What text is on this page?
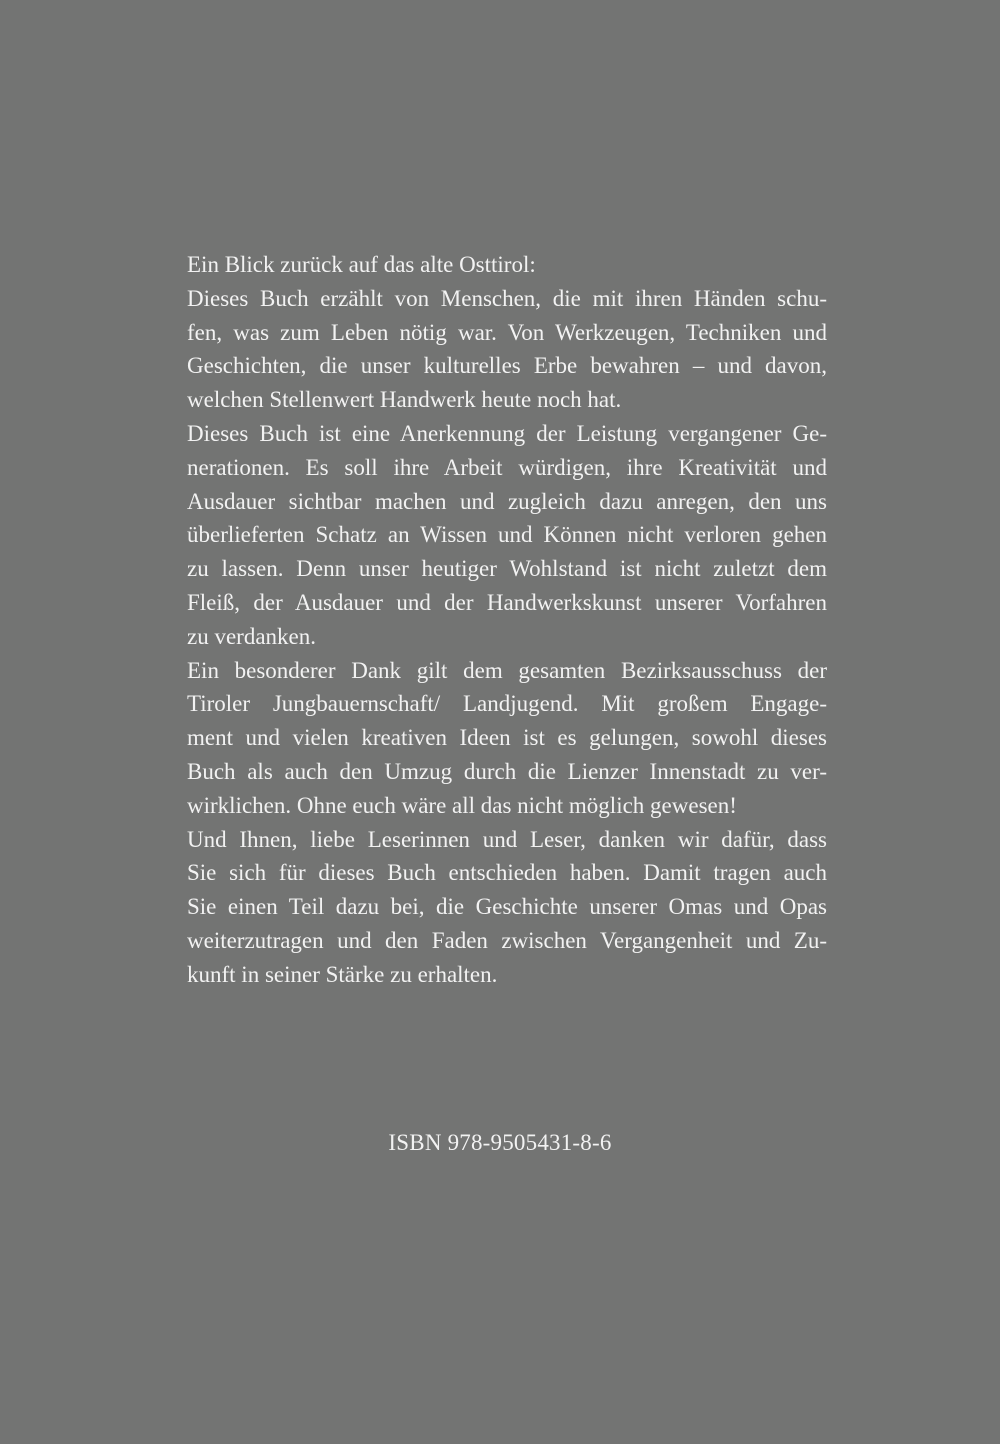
Ein Blick zurück auf das alte Osttirol:
Dieses Buch erzählt von Menschen, die mit ihren Händen schu-
fen, was zum Leben nötig war. Von Werkzeugen, Techniken und
Geschichten, die unser kulturelles Erbe bewahren – und davon,
welchen Stellenwert Handwerk heute noch hat.
Dieses Buch ist eine Anerkennung der Leistung vergangener Ge-
nerationen. Es soll ihre Arbeit würdigen, ihre Kreativität und
Ausdauer sichtbar machen und zugleich dazu anregen, den uns
überlieferten Schatz an Wissen und Können nicht verloren gehen
zu lassen. Denn unser heutiger Wohlstand ist nicht zuletzt dem
Fleiß, der Ausdauer und der Handwerkskunst unserer Vorfahren
zu verdanken.
Ein besonderer Dank gilt dem gesamten Bezirksausschuss der
Tiroler Jungbauernschaft/ Landjugend. Mit großem Engage-
ment und vielen kreativen Ideen ist es gelungen, sowohl dieses
Buch als auch den Umzug durch die Lienzer Innenstadt zu ver-
wirklichen. Ohne euch wäre all das nicht möglich gewesen!
Und Ihnen, liebe Leserinnen und Leser, danken wir dafür, dass
Sie sich für dieses Buch entschieden haben. Damit tragen auch
Sie einen Teil dazu bei, die Geschichte unserer Omas und Opas
weiterzutragen und den Faden zwischen Vergangenheit und Zu-
kunft in seiner Stärke zu erhalten.
ISBN 978-9505431-8-6
